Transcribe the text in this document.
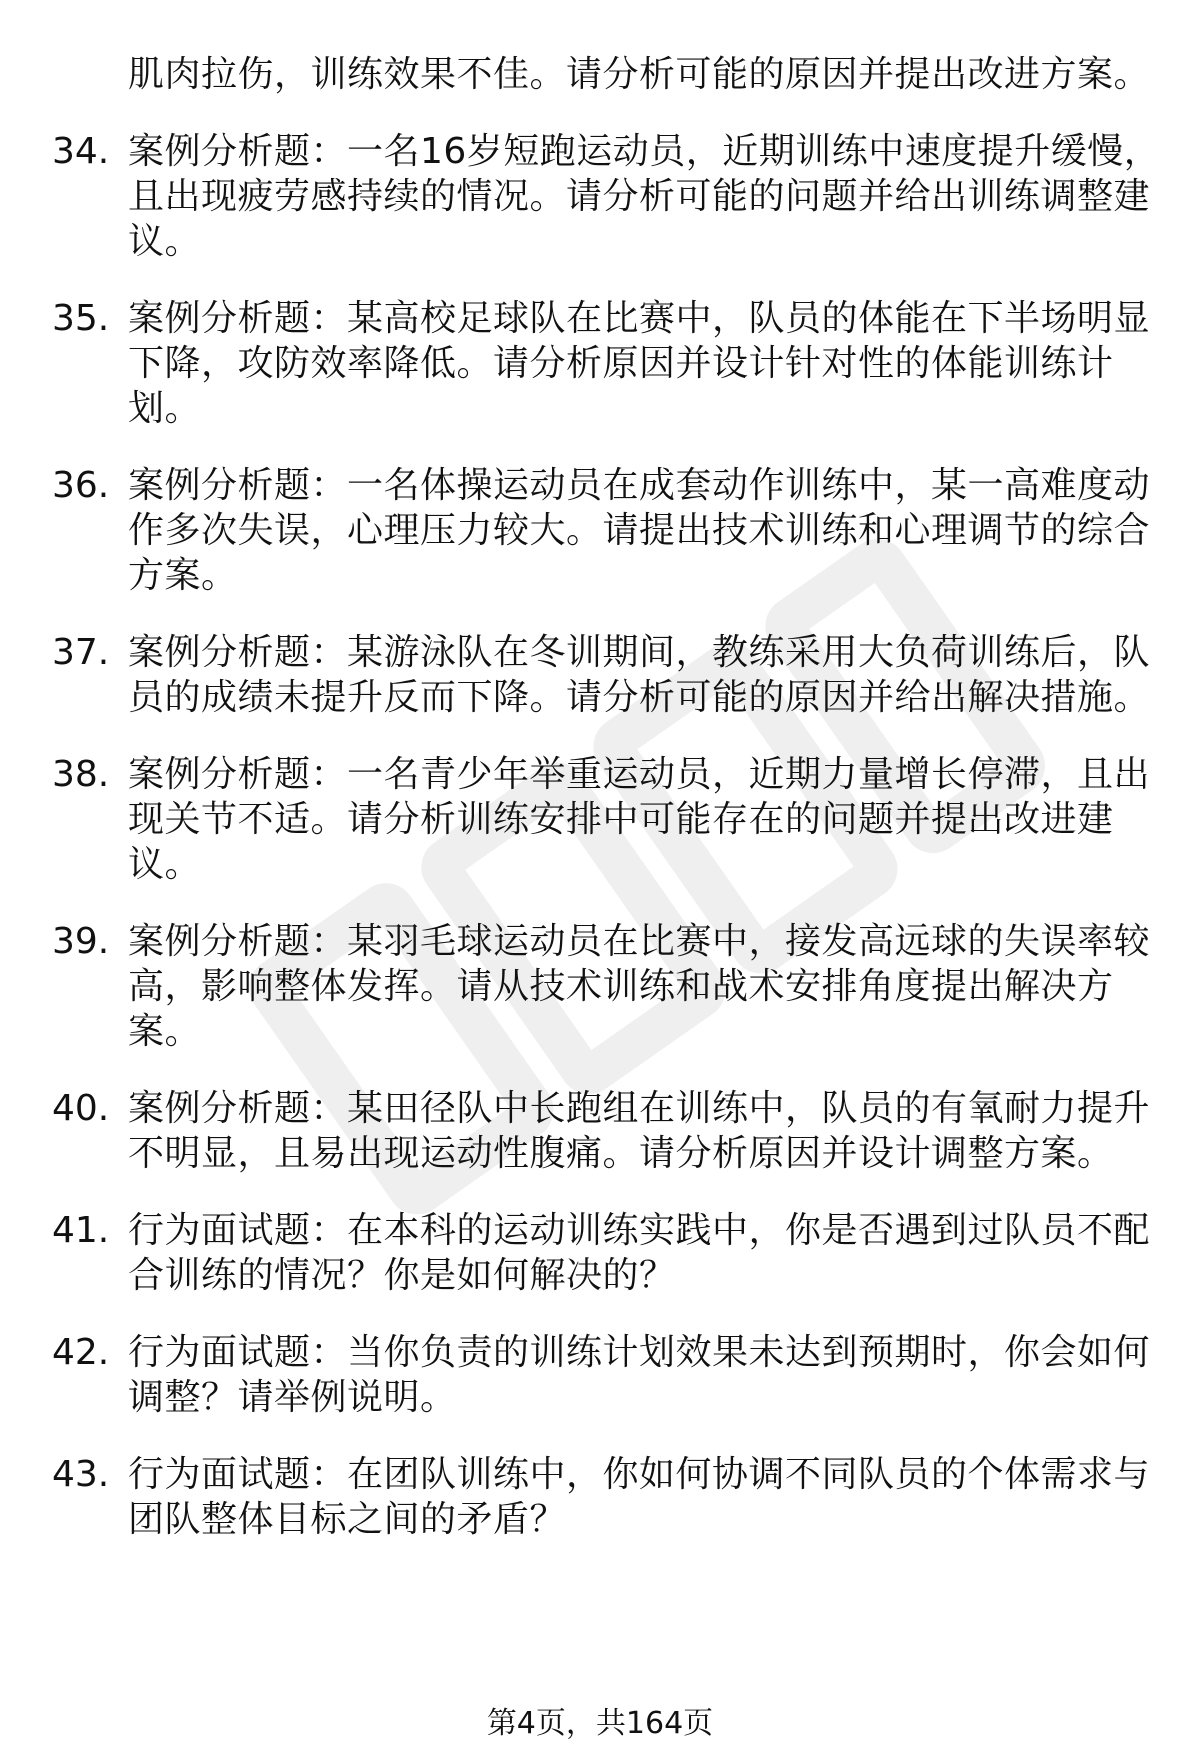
肌肉拉伤，训练效果不佳。请分析可能的原因并提出改进方案。
34. 案例分析题：一名16岁短跑运动员，近期训练中速度提升缓慢，
且出现疲劳感持续的情况。请分析可能的问题并给出训练调整建
议。
35. 案例分析题：某高校足球队在比赛中，队员的体能在下半场明显
下降，攻防效率降低。请分析原因并设计针对性的体能训练计
划。
36. 案例分析题：一名体操运动员在成套动作训练中，某一高难度动
作多次失误，心理压力较大。请提出技术训练和心理调节的综合
方案。
37. 案例分析题：某游泳队在冬训期间，教练采用大负荷训练后，队
员的成绩未提升反而下降。请分析可能的原因并给出解决措施。
38. 案例分析题：一名青少年举重运动员，近期力量增长停滞，且出
现关节不适。请分析训练安排中可能存在的问题并提出改进建
议。
39. 案例分析题：某羽毛球运动员在比赛中，接发高远球的失误率较
高，影响整体发挥。请从技术训练和战术安排角度提出解决方
案。
40. 案例分析题：某田径队中长跑组在训练中，队员的有氧耐力提升
不明显，且易出现运动性腹痛。请分析原因并设计调整方案。
41. 行为面试题：在本科的运动训练实践中，你是否遇到过队员不配
合训练的情况？你是如何解决的？
42. 行为面试题：当你负责的训练计划效果未达到预期时，你会如何
调整？请举例说明。
43. 行为面试题：在团队训练中，你如何协调不同队员的个体需求与
团队整体目标之间的矛盾？
第4页，共164页
